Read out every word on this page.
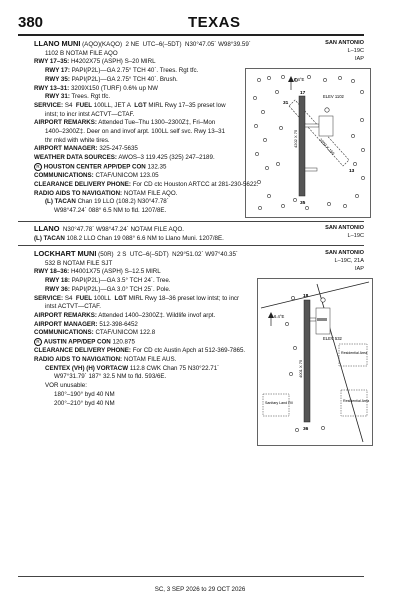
380	TEXAS
LLANO MUNI (AQO)(KAQO) 2 NE UTC–6(–5DT) N30°47.05´ W98°39.59´
1102 B NOTAM FILE AQO
RWY 17–35: H4202X75 (ASPH) S–20 MIRL
RWY 17: PAPI(P2L)—GA 2.75° TCH 40´. Trees. Rgt tfc.
RWY 35: PAPI(P2L)—GA 2.75° TCH 40´. Brush.
RWY 13–31: 3209X150 (TURF) 0.6% up NW
RWY 31: Trees. Rgt tfc.
SERVICE: S4 FUEL 100LL, JET A LGT MIRL Rwy 17–35 preset low
intst; to incr intst ACTVT—CTAF.
AIRPORT REMARKS: Attended Tue–Thu 1300–2300Z‡, Fri–Mon
1400–2300Z‡. Deer on and invof arpt. 100LL self svc. Rwy 13–31
thr mkd with white tires.
AIRPORT MANAGER: 325-247-5635
WEATHER DATA SOURCES: AWOS–3 119.425 (325) 247–2189.
R HOUSTON CENTER APP/DEP CON 132.35
COMMUNICATIONS: CTAF/UNICOM 123.05
CLEARANCE DELIVERY PHONE: For CD ctc Houston ARTCC at 281-230-5622.
RADIO AIDS TO NAVIGATION: NOTAM FILE AQO.
(L) TACAN Chan 19 LLO (108.2) N30°47.78´
W98°47.24´ 088° 6.5 NM to fld. 1207/8E.
SAN ANTONIO
L–19C
IAP
6.4°E
17
35
31
13
4202 X 75	3209 X 150
ELEV 1102
LLANO N30°47.78´ W98°47.24´ NOTAM FILE AQO.
(L) TACAN 108.2 LLO Chan 19 088° 6.6 NM to Llano Muni. 1207/8E.
SAN ANTONIO
L–19C
LOCKHART MUNI (50R) 2 S UTC–6(–5DT) N29°51.02´ W97°40.35´
532 B NOTAM FILE SJT
RWY 18–36: H4001X75 (ASPH) S–12.5 MIRL
RWY 18: PAPI(P2L)—GA 3.5° TCH 24´. Tree.
RWY 36: PAPI(P2L)—GA 3.0° TCH 25´. Pole.
SERVICE: S4 FUEL 100LL LGT MIRL Rwy 18–36 preset low intst; to incr
intst ACTVT—CTAF.
AIRPORT REMARKS: Attended 1400–2300Z‡. Wildlife invof arpt.
AIRPORT MANAGER: 512-398-6452
COMMUNICATIONS: CTAF/UNICOM 122.8
R AUSTIN APP/DEP CON 120.875
CLEARANCE DELIVERY PHONE: For CD ctc Austin Apch at 512-369-7865.
RADIO AIDS TO NAVIGATION: NOTAM FILE AUS.
CENTEX (VH) (H) VORTACW 112.8 CWK Chan 75 N30°22.71´
W97°31.79´ 187° 32.5 NM to fld. 593/6E.
VOR unusable:
180°–190° byd 40 NM
200°–210° byd 40 NM
SAN ANTONIO
L–19C, 21A
IAP
Residential Area
Residential Area
Sanitary Land Fill
6.4°E
18
36
4001 X 75
ELEV 532
SC, 3 SEP 2026 to 29 OCT 2026
